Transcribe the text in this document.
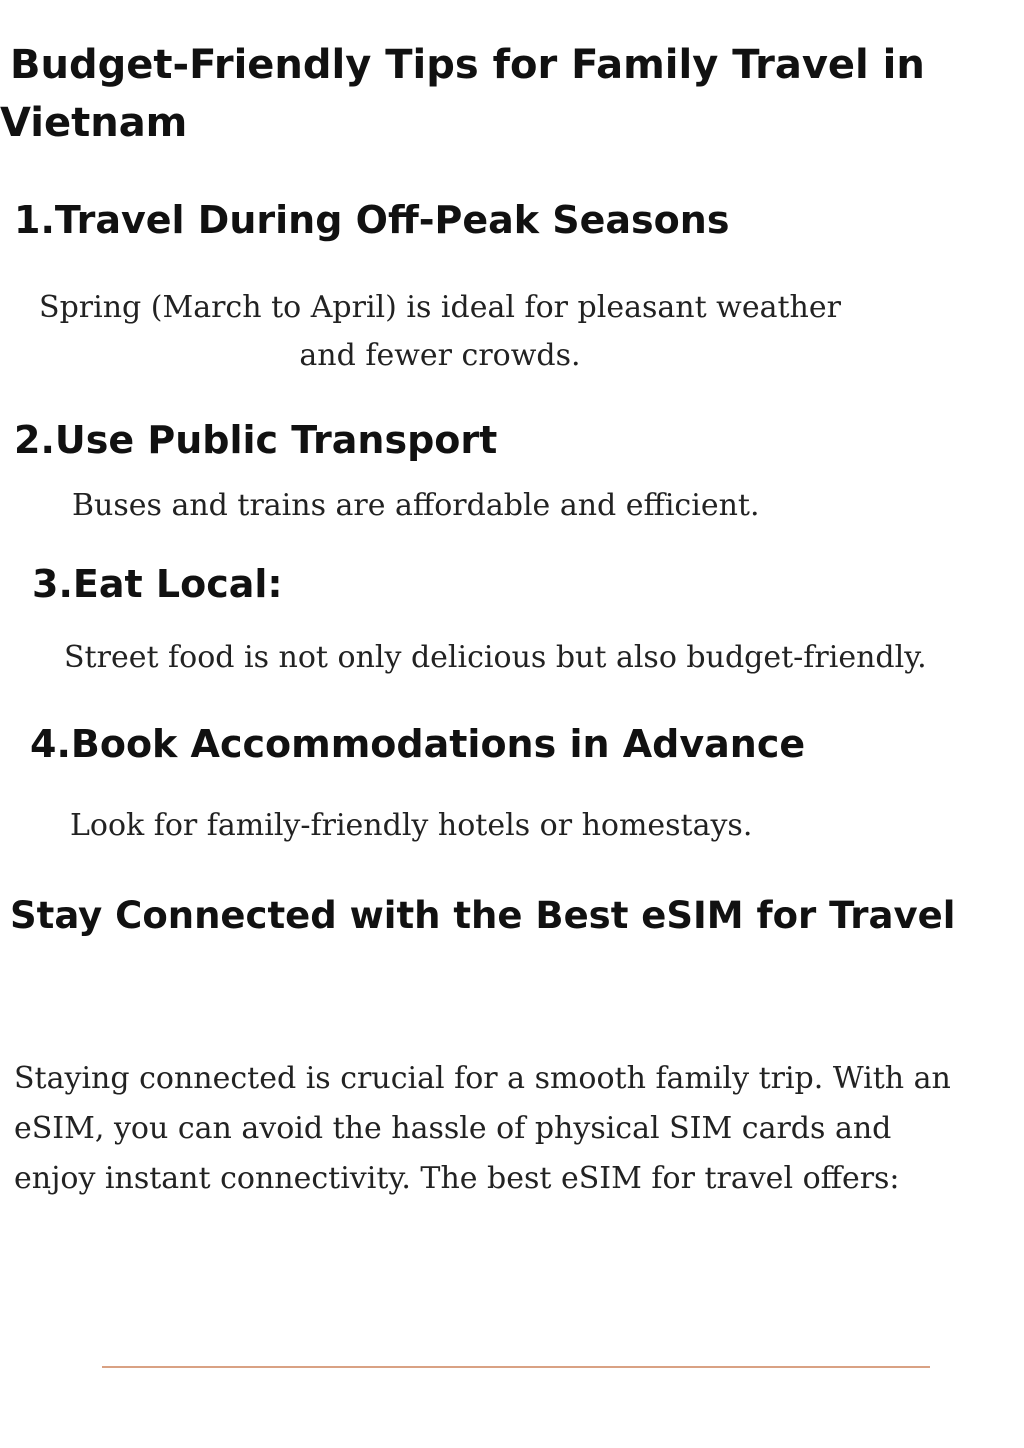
Budget-Friendly Tips for Family Travel in
Vietnam
1.Travel During Off-Peak Seasons
Spring (March to April) is ideal for pleasant weather
and fewer crowds.
2.Use Public Transport

Buses and trains are affordable and efficient.

3.Eat Local:

Street food is not only delicious but also budget-friendly.

4.Book Accommodations in Advance

Look for family-friendly hotels or homestays.

Stay Connected with the Best eSIM for Travel
Staying connected is crucial for a smooth family trip. With an
eSIM, you can avoid the hassle of physical SIM cards and
enjoy instant connectivity. The best eSIM for travel offers:
